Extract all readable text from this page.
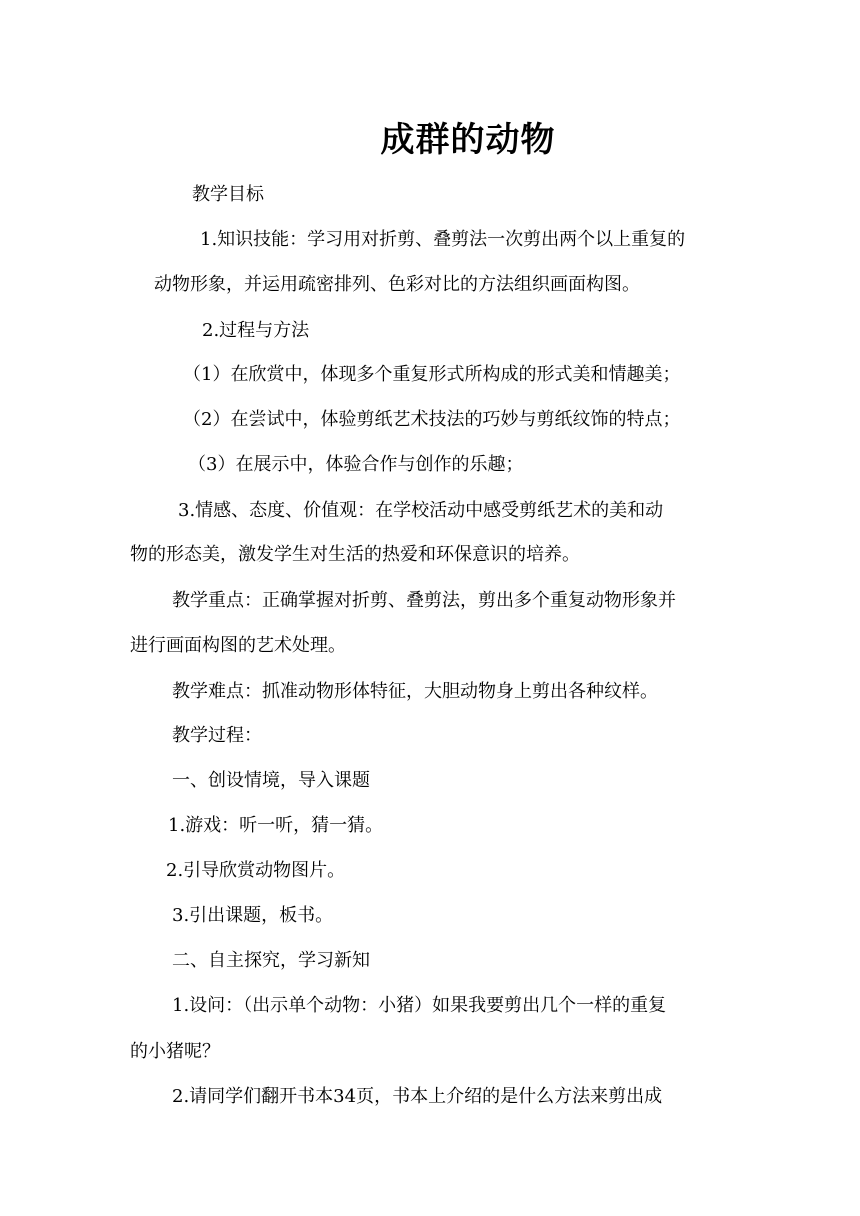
成群的动物
教学目标
1.知识技能：学习用对折剪、叠剪法一次剪出两个以上重复的
动物形象，并运用疏密排列、色彩对比的方法组织画面构图。
2.过程与方法
（1）在欣赏中，体现多个重复形式所构成的形式美和情趣美；
（2）在尝试中，体验剪纸艺术技法的巧妙与剪纸纹饰的特点；
（3）在展示中，体验合作与创作的乐趣；
3.情感、态度、价值观：在学校活动中感受剪纸艺术的美和动
物的形态美，激发学生对生活的热爱和环保意识的培养。
教学重点：正确掌握对折剪、叠剪法，剪出多个重复动物形象并
进行画面构图的艺术处理。
教学难点：抓准动物形体特征，大胆动物身上剪出各种纹样。
教学过程：
一、创设情境，导入课题
1.游戏：听一听，猜一猜。
2.引导欣赏动物图片。
3.引出课题，板书。
二、自主探究，学习新知
1.设问：（出示单个动物：小猪）如果我要剪出几个一样的重复
的小猪呢？
2.请同学们翻开书本34页，书本上介绍的是什么方法来剪出成
